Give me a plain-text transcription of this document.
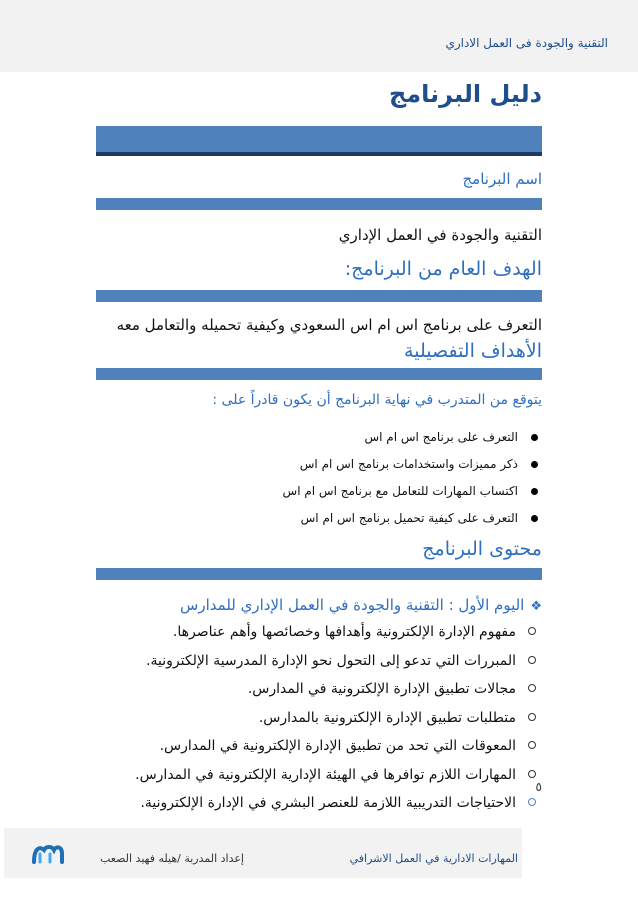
التقنية والجودة فى العمل الاداري
دليل البرنامج
اسم البرنامج
التقنية والجودة في العمل الإداري
الهدف العام من البرنامج:
التعرف على برنامج اس ام اس السعودي وكيفية تحميله والتعامل معه
الأهداف التفصيلية
يتوقع من المتدرب في نهاية البرنامج أن يكون قادراً على :
التعرف على برنامج اس ام اس
ذكر مميزات واستخدامات برنامج اس ام اس
اكتساب المهارات للتعامل مع برنامج اس ام اس
التعرف على كيفية تحميل برنامج اس ام اس
محتوى البرنامج
❖اليوم الأول : التقنية والجودة في العمل الإداري للمدارس
مفهوم الإدارة الإلكترونية وأهدافها وخصائصها وأهم عناصرها.
المبررات التي تدعو إلى التحول نحو الإدارة المدرسية الإلكترونية.
مجالات تطبيق الإدارة الإلكترونية في المدارس.
متطلبات تطبيق الإدارة الإلكترونية بالمدارس.
المعوقات التي تحد من تطبيق الإدارة الإلكترونية في المدارس.
المهارات اللازم توافرها في الهيئة الإدارية الإلكترونية في المدارس.
الاحتياجات التدريبية اللازمة للعنصر البشري في الإدارة الإلكترونية.
٥
إعداد المدربة /هيله فهيد الصعب	المهارات الادارية في العمل الاشرافي
